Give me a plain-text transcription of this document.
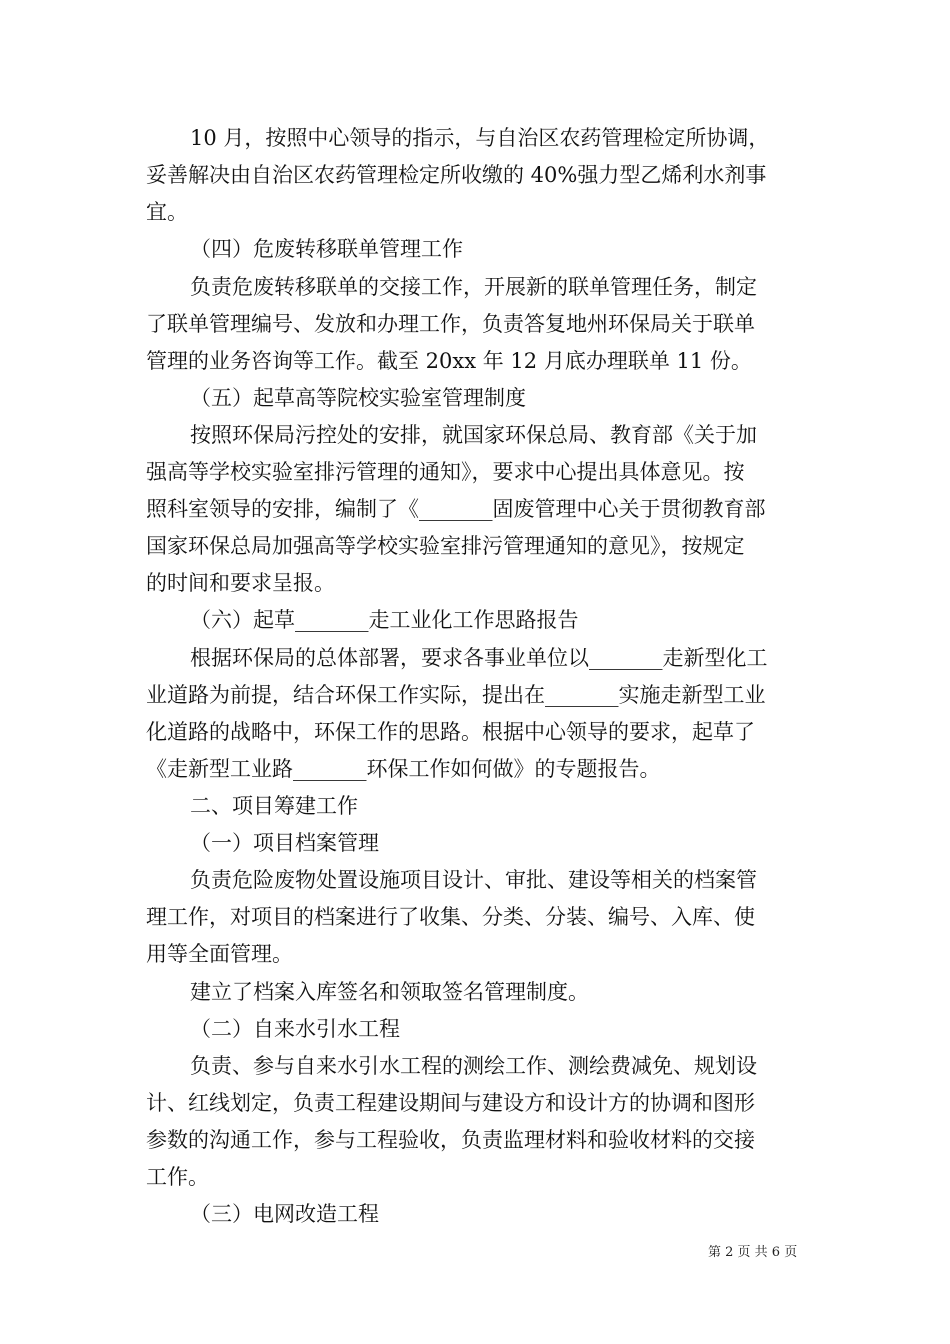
10 月，按照中心领导的指示，与自治区农药管理检定所协调，
妥善解决由自治区农药管理检定所收缴的 40%强力型乙烯利水剂事
宜。
（四）危废转移联单管理工作
负责危废转移联单的交接工作，开展新的联单管理任务，制定
了联单管理编号、发放和办理工作，负责答复地州环保局关于联单
管理的业务咨询等工作。截至 20xx 年 12 月底办理联单 11 份。
（五）起草高等院校实验室管理制度
按照环保局污控处的安排，就国家环保总局、教育部《关于加
强高等学校实验室排污管理的通知》，要求中心提出具体意见。按
照科室领导的安排，编制了《_______固废管理中心关于贯彻教育部
国家环保总局加强高等学校实验室排污管理通知的意见》，按规定
的时间和要求呈报。
（六）起草_______走工业化工作思路报告
根据环保局的总体部署，要求各事业单位以_______走新型化工
业道路为前提，结合环保工作实际，提出在_______实施走新型工业
化道路的战略中，环保工作的思路。根据中心领导的要求，起草了
《走新型工业路_______环保工作如何做》的专题报告。
二、项目筹建工作
（一）项目档案管理
负责危险废物处置设施项目设计、审批、建设等相关的档案管
理工作，对项目的档案进行了收集、分类、分装、编号、入库、使
用等全面管理。
建立了档案入库签名和领取签名管理制度。
（二）自来水引水工程
负责、参与自来水引水工程的测绘工作、测绘费减免、规划设
计、红线划定，负责工程建设期间与建设方和设计方的协调和图形
参数的沟通工作，参与工程验收，负责监理材料和验收材料的交接
工作。
（三）电网改造工程
第 2 页 共 6 页
